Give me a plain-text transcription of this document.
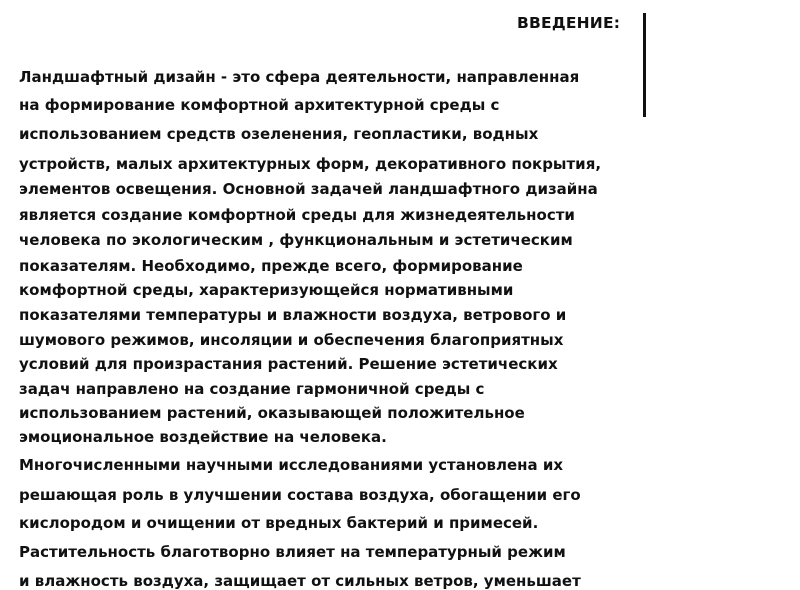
ВВЕДЕНИЕ:
Ландшафтный дизайн - это сфера деятельности, направленная
на формирование комфортной архитектурной среды с
использованием средств озеленения, геопластики, водных
устройств, малых архитектурных форм, декоративного покрытия,
элементов освещения. Основной задачей ландшафтного дизайна
является создание комфортной среды для жизнедеятельности
человека по экологическим , функциональным и эстетическим
показателям. Необходимо, прежде всего, формирование
комфортной среды, характеризующейся нормативными
показателями температуры и влажности воздуха, ветрового и
шумового режимов, инсоляции и обеспечения благоприятных
условий для произрастания растений. Решение эстетических
задач направлено на создание гармоничной среды с
использованием растений, оказывающей положительное
эмоциональное воздействие на человека.
Многочисленными научными исследованиями установлена их
решающая роль в улучшении состава воздуха, обогащении его
кислородом и очищении от вредных бактерий и примесей.
Растительность благотворно влияет на температурный режим
и влажность воздуха, защищает от сильных ветров, уменьшает
